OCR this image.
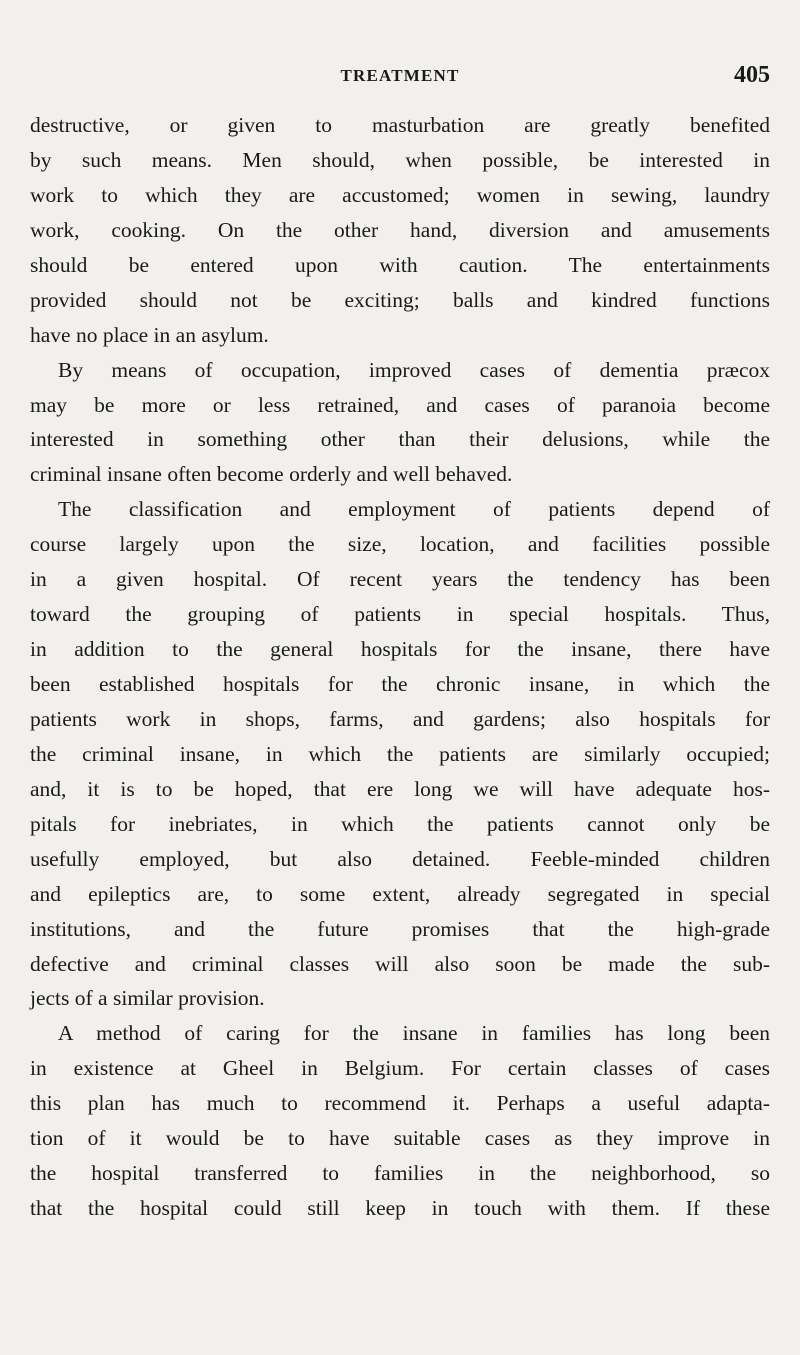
TREATMENT	405
destructive, or given to masturbation are greatly benefited
by such means. Men should, when possible, be interested in
work to which they are accustomed; women in sewing, laundry
work, cooking. On the other hand, diversion and amusements
should be entered upon with caution. The entertainments
provided should not be exciting; balls and kindred functions
have no place in an asylum.
By means of occupation, improved cases of dementia præcox
may be more or less retrained, and cases of paranoia become
interested in something other than their delusions, while the
criminal insane often become orderly and well behaved.
The classification and employment of patients depend of
course largely upon the size, location, and facilities possible
in a given hospital. Of recent years the tendency has been
toward the grouping of patients in special hospitals. Thus,
in addition to the general hospitals for the insane, there have
been established hospitals for the chronic insane, in which the
patients work in shops, farms, and gardens; also hospitals for
the criminal insane, in which the patients are similarly occupied;
and, it is to be hoped, that ere long we will have adequate hos-
pitals for inebriates, in which the patients cannot only be
usefully employed, but also detained. Feeble-minded children
and epileptics are, to some extent, already segregated in special
institutions, and the future promises that the high-grade
defective and criminal classes will also soon be made the sub-
jects of a similar provision.
A method of caring for the insane in families has long been
in existence at Gheel in Belgium. For certain classes of cases
this plan has much to recommend it. Perhaps a useful adapta-
tion of it would be to have suitable cases as they improve in
the hospital transferred to families in the neighborhood, so
that the hospital could still keep in touch with them. If these
